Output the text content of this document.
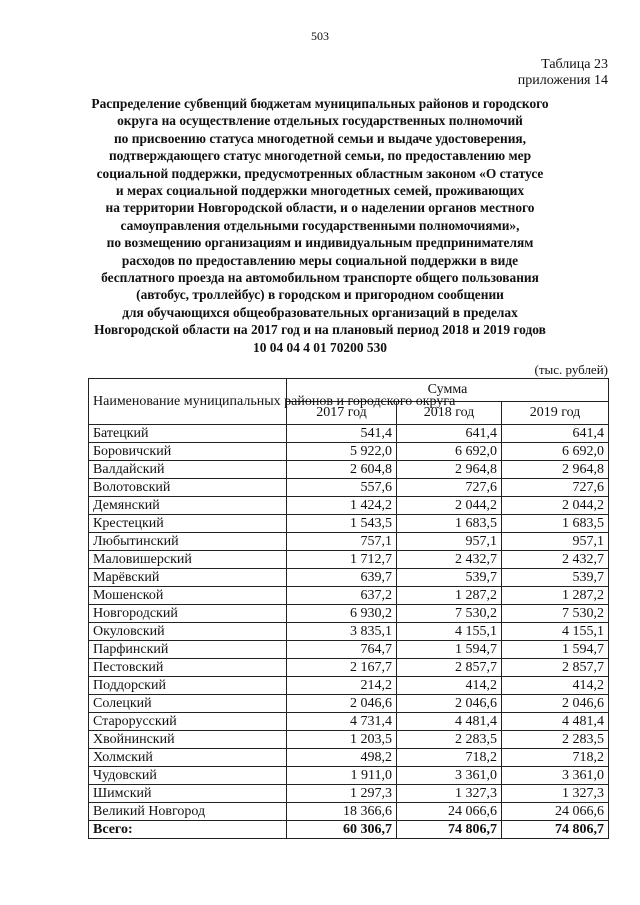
503
Таблица 23
приложения 14
Распределение субвенций бюджетам муниципальных районов и городского
округа на осуществление отдельных государственных полномочий
по присвоению статуса многодетной семьи и выдаче удостоверения,
подтверждающего статус многодетной семьи, по предоставлению мер
социальной поддержки, предусмотренных областным законом «О статусе
и мерах социальной поддержки многодетных семей, проживающих
на территории Новгородской области, и о наделении органов местного
самоуправления отдельными государственными полномочиями»,
по возмещению организациям и индивидуальным предпринимателям
расходов по предоставлению меры социальной поддержки в виде
бесплатного проезда на автомобильном транспорте общего пользования
(автобус, троллейбус) в городском и пригородном сообщении
для обучающихся общеобразовательных организаций в пределах
Новгородской области на 2017 год и на плановый период 2018 и 2019 годов
10 04 04 4 01 70200 530
(тыс. рублей)
Наименование муниципальных районов и городского округа	Сумма		
	2017 год	2018 год	2019 год
Батецкий	541,4	641,4	641,4
Боровичский	5 922,0	6 692,0	6 692,0
Валдайский	2 604,8	2 964,8	2 964,8
Волотовский	557,6	727,6	727,6
Демянский	1 424,2	2 044,2	2 044,2
Крестецкий	1 543,5	1 683,5	1 683,5
Любытинский	757,1	957,1	957,1
Маловишерский	1 712,7	2 432,7	2 432,7
Марёвский	639,7	539,7	539,7
Мошенской	637,2	1 287,2	1 287,2
Новгородский	6 930,2	7 530,2	7 530,2
Окуловский	3 835,1	4 155,1	4 155,1
Парфинский	764,7	1 594,7	1 594,7
Пестовский	2 167,7	2 857,7	2 857,7
Поддорский	214,2	414,2	414,2
Солецкий	2 046,6	2 046,6	2 046,6
Старорусский	4 731,4	4 481,4	4 481,4
Хвойнинский	1 203,5	2 283,5	2 283,5
Холмский	498,2	718,2	718,2
Чудовский	1 911,0	3 361,0	3 361,0
Шимский	1 297,3	1 327,3	1 327,3
Великий Новгород	18 366,6	24 066,6	24 066,6
Всего:	60 306,7	74 806,7	74 806,7
